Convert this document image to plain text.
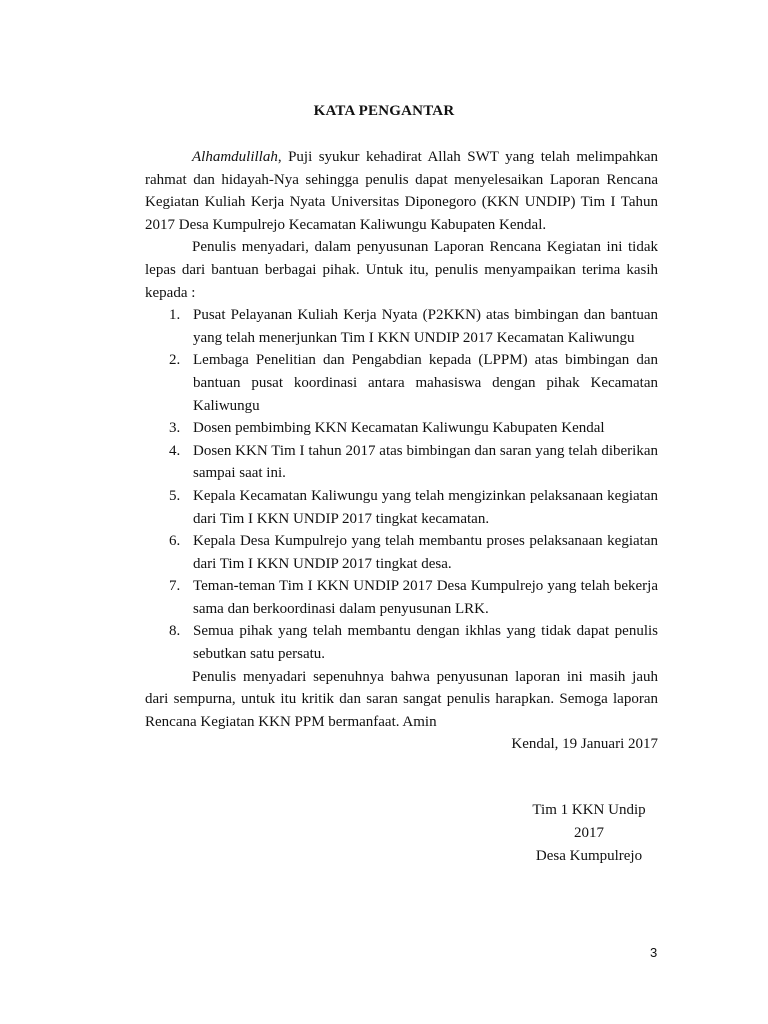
KATA PENGANTAR

Alhamdulillah, Puji syukur kehadirat Allah SWT yang telah melimpahkan rahmat dan hidayah-Nya sehingga penulis dapat menyelesaikan Laporan Rencana Kegiatan Kuliah Kerja Nyata Universitas Diponegoro (KKN UNDIP) Tim I Tahun 2017 Desa Kumpulrejo Kecamatan Kaliwungu Kabupaten Kendal.

Penulis menyadari, dalam penyusunan Laporan Rencana Kegiatan ini tidak lepas dari bantuan berbagai pihak. Untuk itu, penulis menyampaikan terima kasih kepada :

1. Pusat Pelayanan Kuliah Kerja Nyata (P2KKN) atas bimbingan dan bantuan yang telah menerjunkan Tim I KKN UNDIP 2017 Kecamatan Kaliwungu
2. Lembaga Penelitian dan Pengabdian kepada (LPPM) atas bimbingan dan bantuan pusat koordinasi antara mahasiswa dengan pihak Kecamatan Kaliwungu
3. Dosen pembimbing KKN Kecamatan Kaliwungu Kabupaten Kendal
4. Dosen KKN Tim I tahun 2017 atas bimbingan dan saran yang telah diberikan sampai saat ini.
5. Kepala Kecamatan Kaliwungu yang telah mengizinkan pelaksanaan kegiatan dari Tim I KKN UNDIP 2017 tingkat kecamatan.
6. Kepala Desa Kumpulrejo yang telah membantu proses pelaksanaan kegiatan dari Tim I KKN UNDIP 2017 tingkat desa.
7. Teman-teman Tim I KKN UNDIP 2017 Desa Kumpulrejo yang telah bekerja sama dan berkoordinasi dalam penyusunan LRK.
8. Semua pihak yang telah membantu dengan ikhlas yang tidak dapat penulis sebutkan satu persatu.

Penulis menyadari sepenuhnya bahwa penyusunan laporan ini masih jauh dari sempurna, untuk itu kritik dan saran sangat penulis harapkan. Semoga laporan Rencana Kegiatan KKN PPM bermanfaat. Amin

Kendal, 19 Januari 2017

Tim 1 KKN Undip
2017
Desa Kumpulrejo
3
